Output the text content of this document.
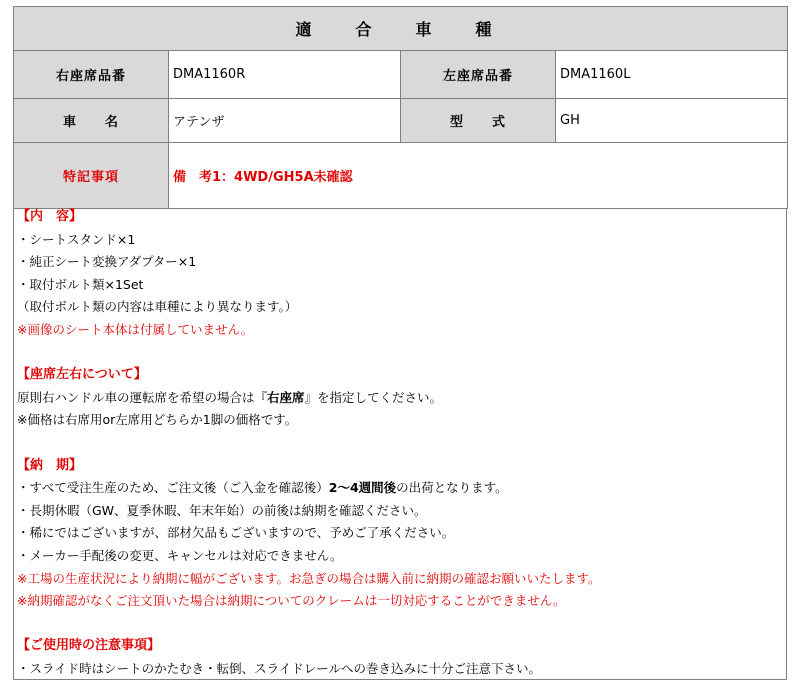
適　合　車　種			
右座席品番	DMA1160R	左座席品番	DMA1160L
車　　名	アテンザ	型　　式	GH
特記事項	備　考1：4WD/GH5A未確認		
【内　容】
・シートスタンド×1
・純正シート変換アダプター×1
・取付ボルト類×1Set
（取付ボルト類の内容は車種により異なります。）
※画像のシート本体は付属していません。
【座席左右について】
原則右ハンドル車の運転席を希望の場合は『右座席』を指定してください。
※価格は右席用or左席用どちらか1脚の価格です。
【納　期】
・すべて受注生産のため、ご注文後（ご入金を確認後）2～4週間後の出荷となります。
・長期休暇（GW、夏季休暇、年末年始）の前後は納期を確認ください。
・稀にではございますが、部材欠品もございますので、予めご了承ください。
・メーカー手配後の変更、キャンセルは対応できません。
※工場の生産状況により納期に幅がございます。お急ぎの場合は購入前に納期の確認お願いいたします。
※納期確認がなくご注文頂いた場合は納期についてのクレームは一切対応することができません。
【ご使用時の注意事項】
・スライド時はシートのかたむき・転倒、スライドレールへの巻き込みに十分ご注意下さい。
